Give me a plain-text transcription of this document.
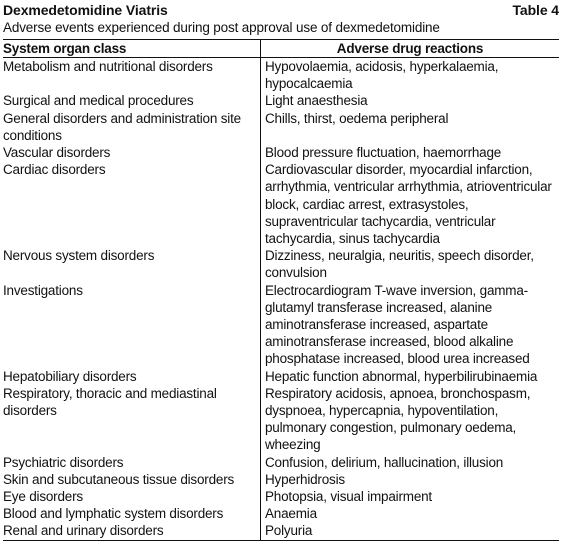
Dexmedetomidine Viatris	Table 4
Adverse events experienced during post approval use of dexmedetomidine
System organ class	Adverse drug reactions
Metabolism and nutritional disorders	Hypovolaemia, acidosis, hyperkalaemia, hypocalcaemia
Surgical and medical procedures	Light anaesthesia
General disorders and administration site conditions	Chills, thirst, oedema peripheral
Vascular disorders	Blood pressure fluctuation, haemorrhage
Cardiac disorders	Cardiovascular disorder, myocardial infarction, arrhythmia, ventricular arrhythmia, atrioventricular block, cardiac arrest, extrasystoles, supraventricular tachycardia, ventricular tachycardia, sinus tachycardia
Nervous system disorders	Dizziness, neuralgia, neuritis, speech disorder, convulsion
Investigations	Electrocardiogram T-wave inversion, gamma-glutamyl transferase increased, alanine aminotransferase increased, aspartate aminotransferase increased, blood alkaline phosphatase increased, blood urea increased
Hepatobiliary disorders	Hepatic function abnormal, hyperbilirubinaemia
Respiratory, thoracic and mediastinal disorders	Respiratory acidosis, apnoea, bronchospasm, dyspnoea, hypercapnia, hypoventilation, pulmonary congestion, pulmonary oedema, wheezing
Psychiatric disorders	Confusion, delirium, hallucination, illusion
Skin and subcutaneous tissue disorders	Hyperhidrosis
Eye disorders	Photopsia, visual impairment
Blood and lymphatic system disorders	Anaemia
Renal and urinary disorders	Polyuria
